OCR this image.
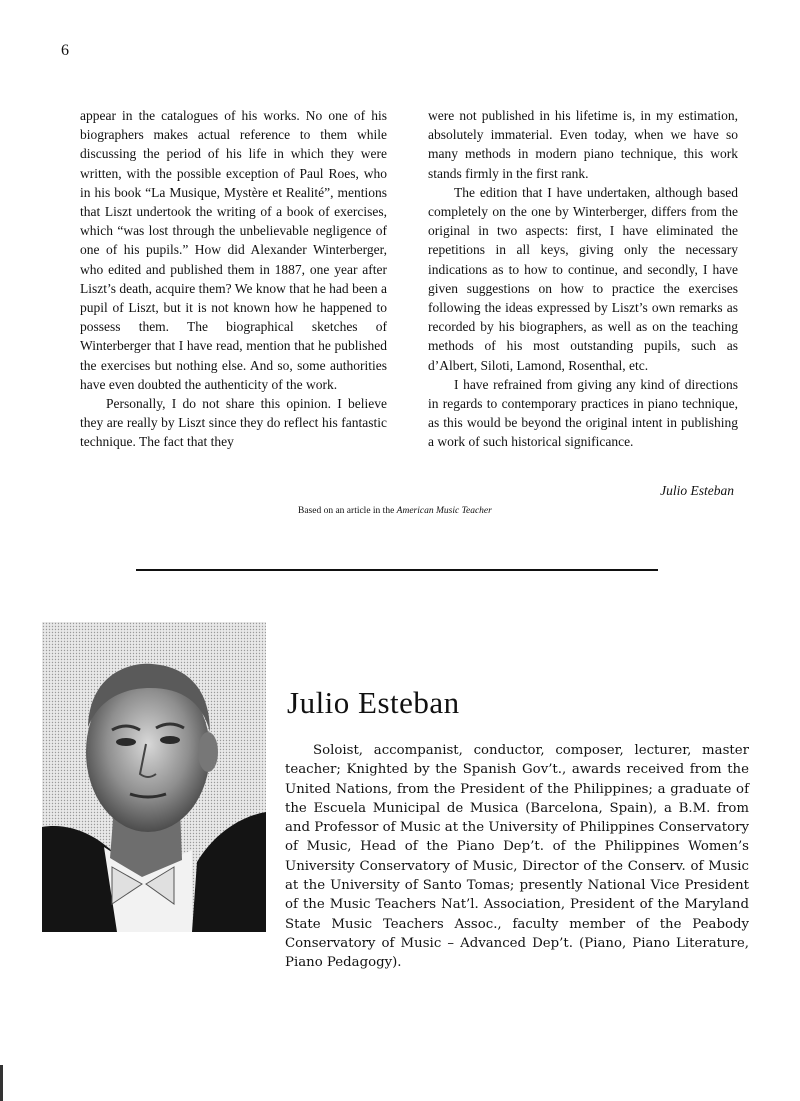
6

appear in the catalogues of his works. No one of his biographers makes actual reference to them while discussing the period of his life in which they were written, with the possible exception of Paul Roes, who in his book “La Musique, Mystère et Realité”, mentions that Liszt undertook the writing of a book of exercises, which “was lost through the unbelievable negligence of one of his pupils.” How did Alexander Winterberger, who edited and published them in 1887, one year after Liszt’s death, acquire them? We know that he had been a pupil of Liszt, but it is not known how he happened to possess them. The biographical sketches of Winterberger that I have read, mention that he published the exercises but nothing else. And so, some authorities have even doubted the authenticity of the work.

Personally, I do not share this opinion. I believe they are really by Liszt since they do reflect his fantastic technique. The fact that they

were not published in his lifetime is, in my estimation, absolutely immaterial. Even today, when we have so many methods in modern piano technique, this work stands firmly in the first rank.

The edition that I have undertaken, although based completely on the one by Winterberger, differs from the original in two aspects: first, I have eliminated the repetitions in all keys, giving only the necessary indications as to how to continue, and secondly, I have given suggestions on how to practice the exercises following the ideas expressed by Liszt’s own remarks as recorded by his biographers, as well as on the teaching methods of his most outstanding pupils, such as d’Albert, Siloti, Lamond, Rosenthal, etc.

I have refrained from giving any kind of directions in regards to contemporary practices in piano technique, as this would be beyond the original intent in publishing a work of such historical significance.

Julio Esteban
Based on an article in the American Music Teacher
Julio Esteban

Soloist, accompanist, conductor, composer, lecturer, master teacher; Knighted by the Spanish Gov’t., awards received from the United Nations, from the President of the Philippines; a graduate of the Escuela Municipal de Musica (Barcelona, Spain), a B.M. from and Professor of Music at the University of Philippines Conservatory of Music, Head of the Piano Dep’t. of the Philippines Women’s University Conservatory of Music, Director of the Conserv. of Music at the University of Santo Tomas; presently National Vice President of the Music Teachers Nat’l. Association, President of the Maryland State Music Teachers Assoc., faculty member of the Peabody Conservatory of Music – Advanced Dep’t. (Piano, Piano Literature, Piano Pedagogy).
